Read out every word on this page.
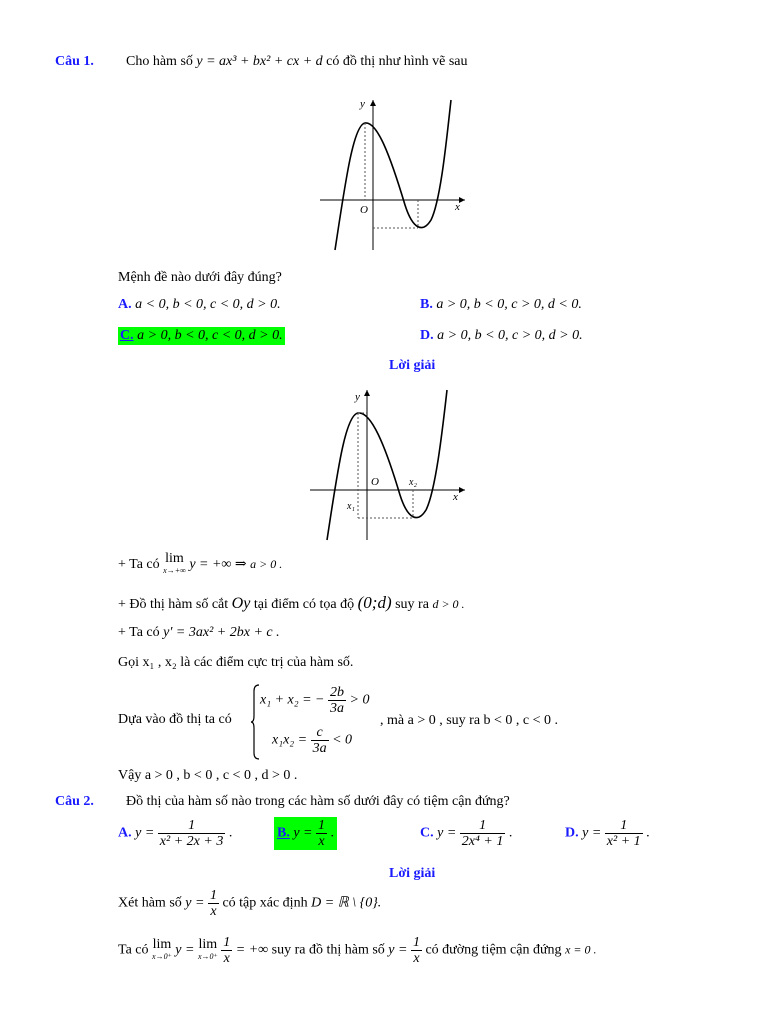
Câu 1. Cho hàm số y = ax³ + bx² + cx + d có đồ thị như hình vẽ sau
y
x
O
Mệnh đề nào dưới đây đúng?
A. a < 0, b < 0, c < 0, d > 0.	B. a > 0, b < 0, c > 0, d < 0.
C. a > 0, b < 0, c < 0, d > 0.	D. a > 0, b < 0, c > 0, d > 0.
Lời giải
y
x
O
x₁
x₂
+ Ta có lim
x→+∞ y = +∞ ⇒ a > 0 .
+ Đồ thị hàm số cắt Oy tại điểm có tọa độ (0;d) suy ra d > 0 .
+ Ta có y′ = 3ax² + 2bx + c .
Gọi x₁ , x₂ là các điểm cực trị của hàm số.
Dựa vào đồ thị ta có
x₁ + x₂ = − $\frac{2b}{3a} > 0$
$x_1x_2 = \frac{c}{3a} < 0$
, mà a > 0 , suy ra b < 0 , c < 0 .
Vậy a > 0 , b < 0 , c < 0 , d > 0 .
Câu 2. Đồ thị của hàm số nào trong các hàm số dưới đây có tiệm cận đứng?
A. $y = \frac{1}{\text{x² + 2x + 3}}$ .	B. $y = \frac{1}{x}$ .	C. $y = \frac{1}{\text{2x⁴ + 1}}$ .	D. $y = \frac{1}{\text{x² + 1}}$ .
Lời giải
Xét hàm số $y = \frac{1}{x}$ có tập xác định D = ℝ \ {0}.
Ta có lim
x→0⁺ y = lim
x→0⁺
$\frac{1}{x}$ = +∞ suy ra đồ thị hàm số $y = \frac{1}{x}$ có đường tiệm cận đứng x = 0 .
